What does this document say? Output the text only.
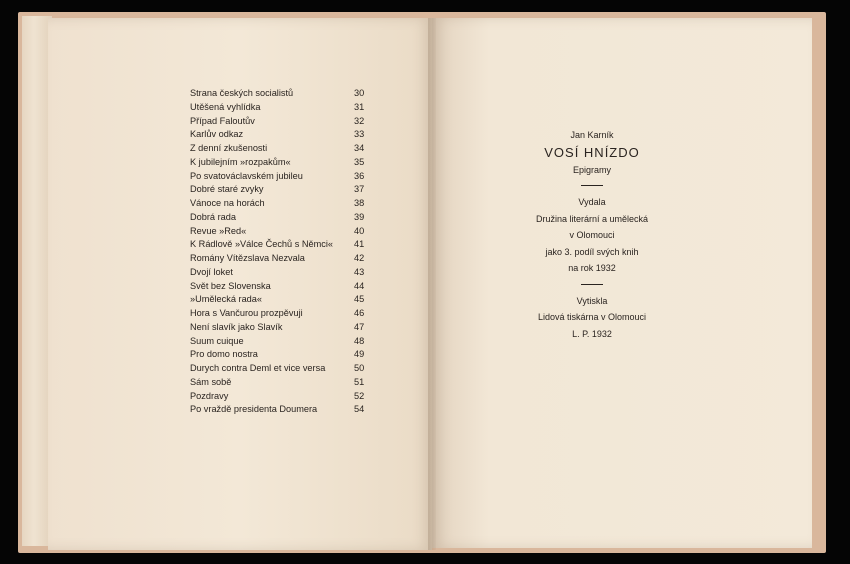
Strana českých socialistů	30
Utěšená vyhlídka	31
Případ Faloutův	32
Karlův odkaz	33
Z denní zkušenosti	34
K jubilejním »rozpakům«	35
Po svatováclavském jubileu	36
Dobré staré zvyky	37
Vánoce na horách	38
Dobrá rada	39
Revue »Red«	40
K Rádlově »Válce Čechů s Němci« 41
Romány Vítězslava Nezvala	42
Dvojí loket	43
Svět bez Slovenska	44
»Umělecká rada«	45
Hora s Vančurou prozpěvuji	46
Není slavík jako Slavík	47
Suum cuique	48
Pro domo nostra	49
Durych contra Deml et vice versa	50
Sám sobě	51
Pozdravy	52
Po vraždě presidenta Doumera	54
Jan Karník
VOSÍ HNÍZDO
Epigramy
Vydala
Družina literární a umělecká
v Olomouci
jako 3. podíl svých knih
na rok 1932
Vytiskla
Lidová tiskárna v Olomouci
L. P. 1932
